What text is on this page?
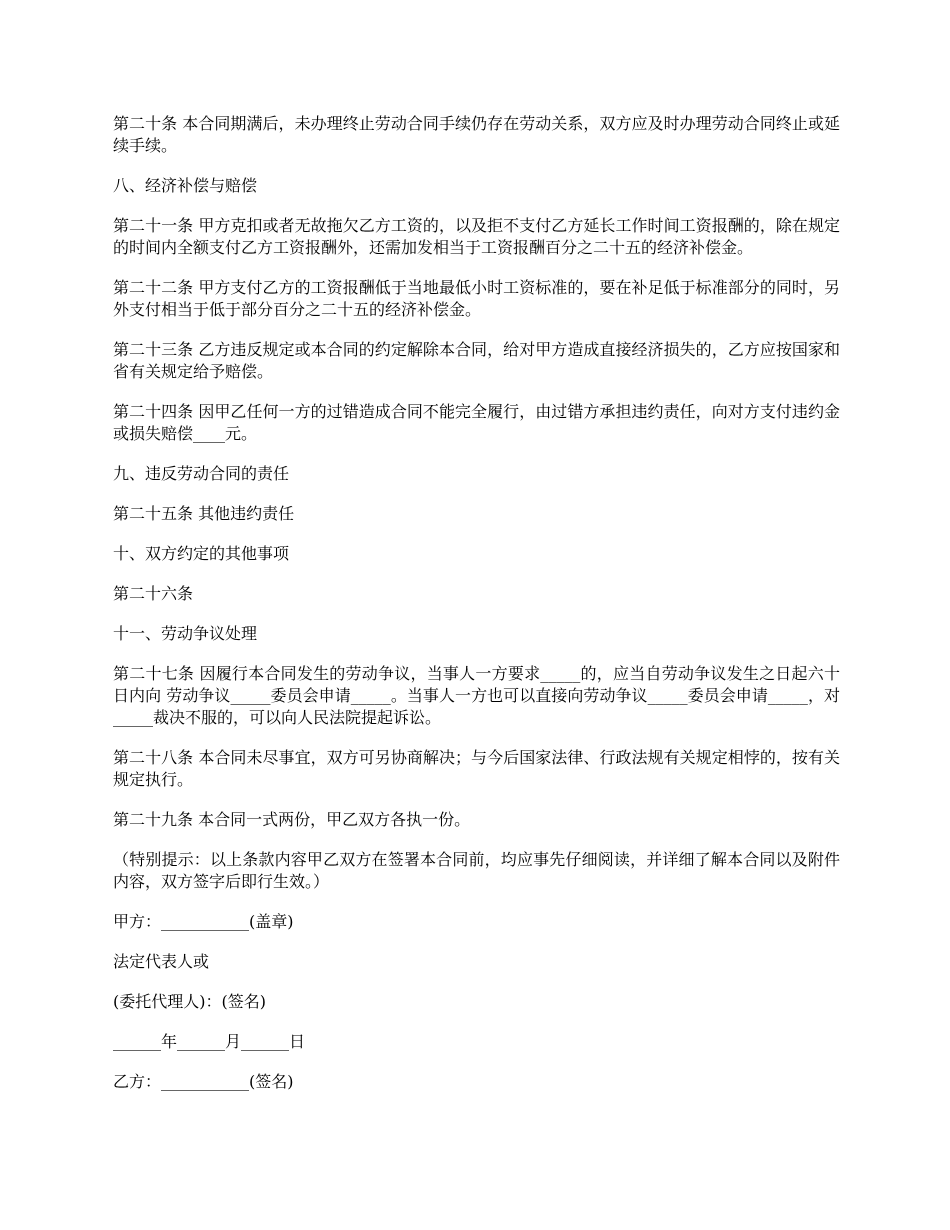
第二十条 本合同期满后，未办理终止劳动合同手续仍存在劳动关系，双方应及时办理劳动合同终止或延续手续。

八、经济补偿与赔偿

第二十一条 甲方克扣或者无故拖欠乙方工资的，以及拒不支付乙方延长工作时间工资报酬的，除在规定的时间内全额支付乙方工资报酬外，还需加发相当于工资报酬百分之二十五的经济补偿金。

第二十二条 甲方支付乙方的工资报酬低于当地最低小时工资标准的，要在补足低于标准部分的同时，另外支付相当于低于部分百分之二十五的经济补偿金。

第二十三条 乙方违反规定或本合同的约定解除本合同，给对甲方造成直接经济损失的，乙方应按国家和省有关规定给予赔偿。

第二十四条 因甲乙任何一方的过错造成合同不能完全履行，由过错方承担违约责任，向对方支付违约金或损失赔偿____元。

九、违反劳动合同的责任

第二十五条 其他违约责任

十、双方约定的其他事项

第二十六条

十一、劳动争议处理

第二十七条 因履行本合同发生的劳动争议，当事人一方要求_____的，应当自劳动争议发生之日起六十日内向 劳动争议_____委员会申请_____。当事人一方也可以直接向劳动争议_____委员会申请_____，对_____裁决不服的，可以向人民法院提起诉讼。

第二十八条 本合同未尽事宜，双方可另协商解决；与今后国家法律、行政法规有关规定相悖的，按有关规定执行。

第二十九条 本合同一式两份，甲乙双方各执一份。

（特别提示：以上条款内容甲乙双方在签署本合同前，均应事先仔细阅读，并详细了解本合同以及附件内容，双方签字后即行生效。）

甲方：___________(盖章)

法定代表人或

(委托代理人)：(签名)

______年______月______日

乙方：___________(签名)
